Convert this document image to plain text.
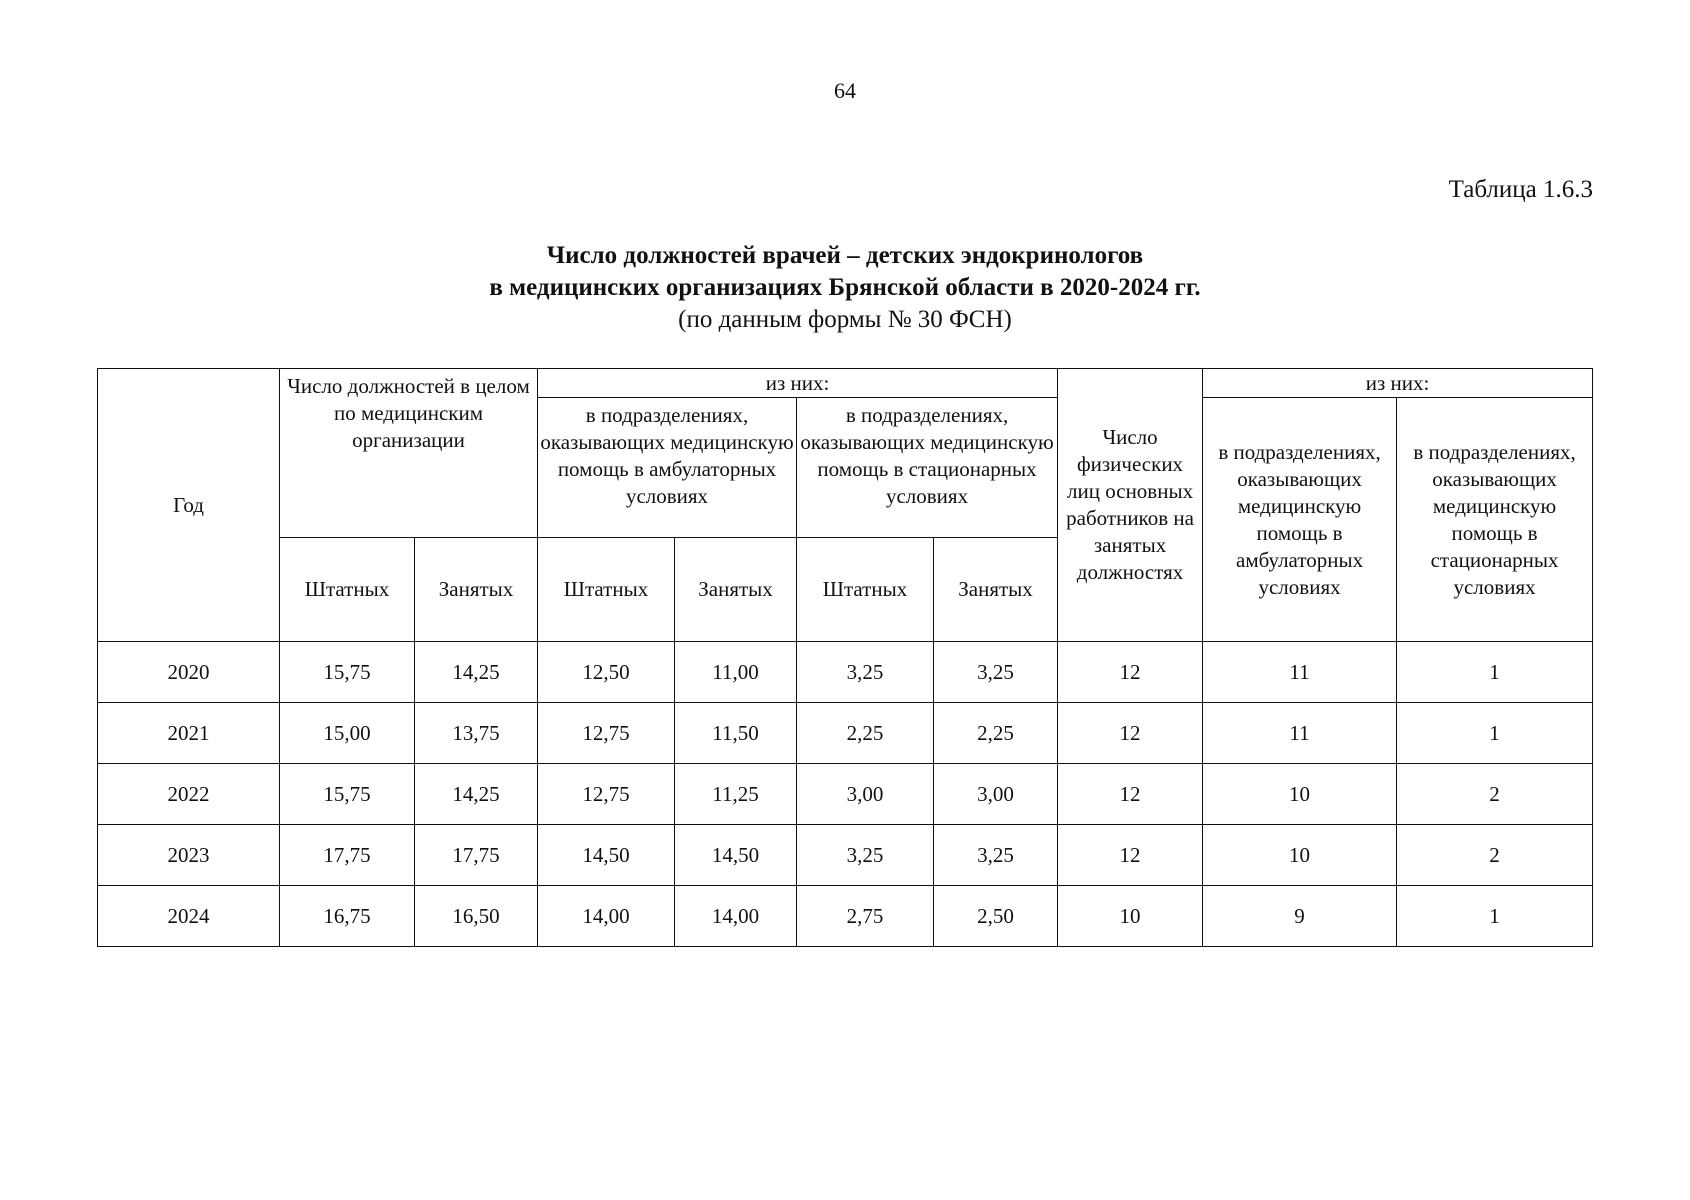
64
Таблица 1.6.3
Число должностей врачей – детских эндокринологов
в медицинских организациях Брянской области в 2020-2024 гг.
(по данным формы № 30 ФСН)
Год	Число должностей в целом по медицинским организации		из них:				Число физических лиц основных работников на занятых должностях	из них:	
			в подразделениях, оказывающих медицинскую помощь в амбулаторных условиях		в подразделениях, оказывающих медицинскую помощь в стационарных условиях			в подразделениях, оказывающих медицинскую помощь в амбулаторных условиях	в подразделениях, оказывающих медицинскую помощь в стационарных условиях
	Штатных	Занятых	Штатных	Занятых	Штатных	Занятых			
2020	15,75	14,25	12,50	11,00	3,25	3,25	12	11	1
2021	15,00	13,75	12,75	11,50	2,25	2,25	12	11	1
2022	15,75	14,25	12,75	11,25	3,00	3,00	12	10	2
2023	17,75	17,75	14,50	14,50	3,25	3,25	12	10	2
2024	16,75	16,50	14,00	14,00	2,75	2,50	10	9	1
